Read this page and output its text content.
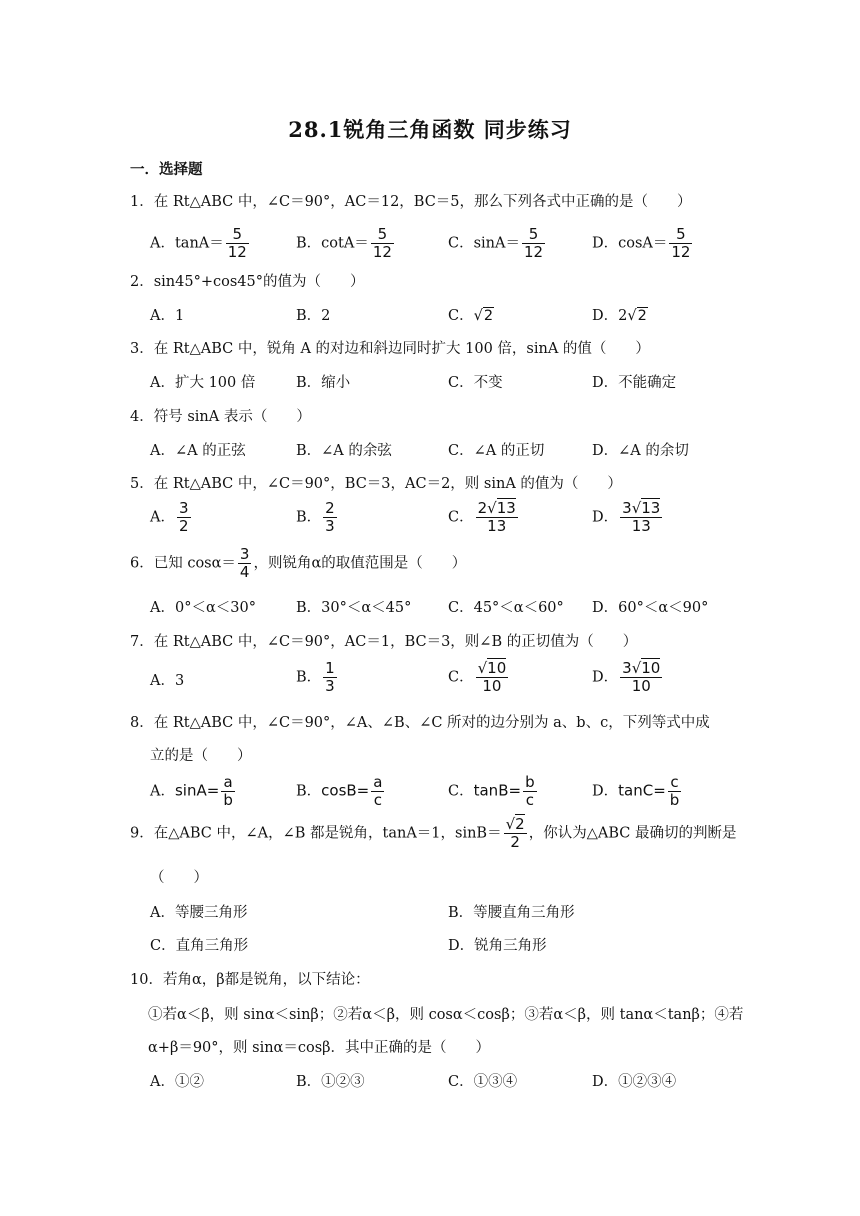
28.1锐角三角函数 同步练习
一．选择题
1．在 Rt△ABC 中，∠C＝90°，AC＝12，BC＝5，那么下列各式中正确的是（　　）
A．$\tan A= \frac{5}{12}$	B．$\cot A= \frac{5}{12}$	C．$\sin A= \frac{5}{12}$	D．$\cos A= \frac{5}{12}$
2．sin45°+cos45°的值为（　　）
A．1	B．2	C．√2	D．2√2
3．在 Rt△ABC 中，锐角 A 的对边和斜边同时扩大 100 倍，sinA 的值（　　）
A．扩大 100 倍	B．缩小	C．不变	D．不能确定
4．符号 sinA 表示（　　）
A．∠A 的正弦	B．∠A 的余弦	C．∠A 的正切	D．∠A 的余切
5．在 Rt△ABC 中，∠C＝90°，BC＝3，AC＝2，则 sinA 的值为（　　）
A． $\frac{3}{2}$	B． $\frac{2}{3}$	C． $\frac{2√13}{13}$	D． $\frac{3√13}{13}$
6．已知 $\cos\alpha= \frac{3}{4}$ ，则锐角α的取值范围是（　　）
A．0°＜α＜30°	B．30°＜α＜45°	C．45°＜α＜60° D．60°＜α＜90°
7．在 Rt△ABC 中，∠C＝90°，AC＝1，BC＝3，则∠B 的正切值为（　　）
A．3	B． $\frac{1}{3}$	C． $\frac{√10}{10}$	D． $\frac{3√10}{10}$
8．在 Rt△ABC 中，∠C＝90°，∠A、∠B、∠C 所对的边分别为 a、b、c，下列等式中成
立的是（　　）
A．$\sin A= \frac{a}{b}$	B．$\cos B= \frac{a}{c}$	C．$\tan B= \frac{b}{c}$	D．$\tan C= \frac{c}{b}$
9．在△ABC 中，∠A，∠B 都是锐角，tanA＝1，$\sin B= \frac{√2}{2}$ ，你认为△ABC 最确切的判断是
（　　）
A．等腰三角形	B．等腰直角三角形
C．直角三角形	D．锐角三角形
10．若角α，β都是锐角，以下结论：
①若α＜β，则 sinα＜sinβ；②若α＜β，则 cosα＜cosβ；③若α＜β，则 tanα＜tanβ；④若
α+β＝90°，则 sinα＝cosβ．其中正确的是（　　）
A．①②	B．①②③	C．①③④	D．①②③④
